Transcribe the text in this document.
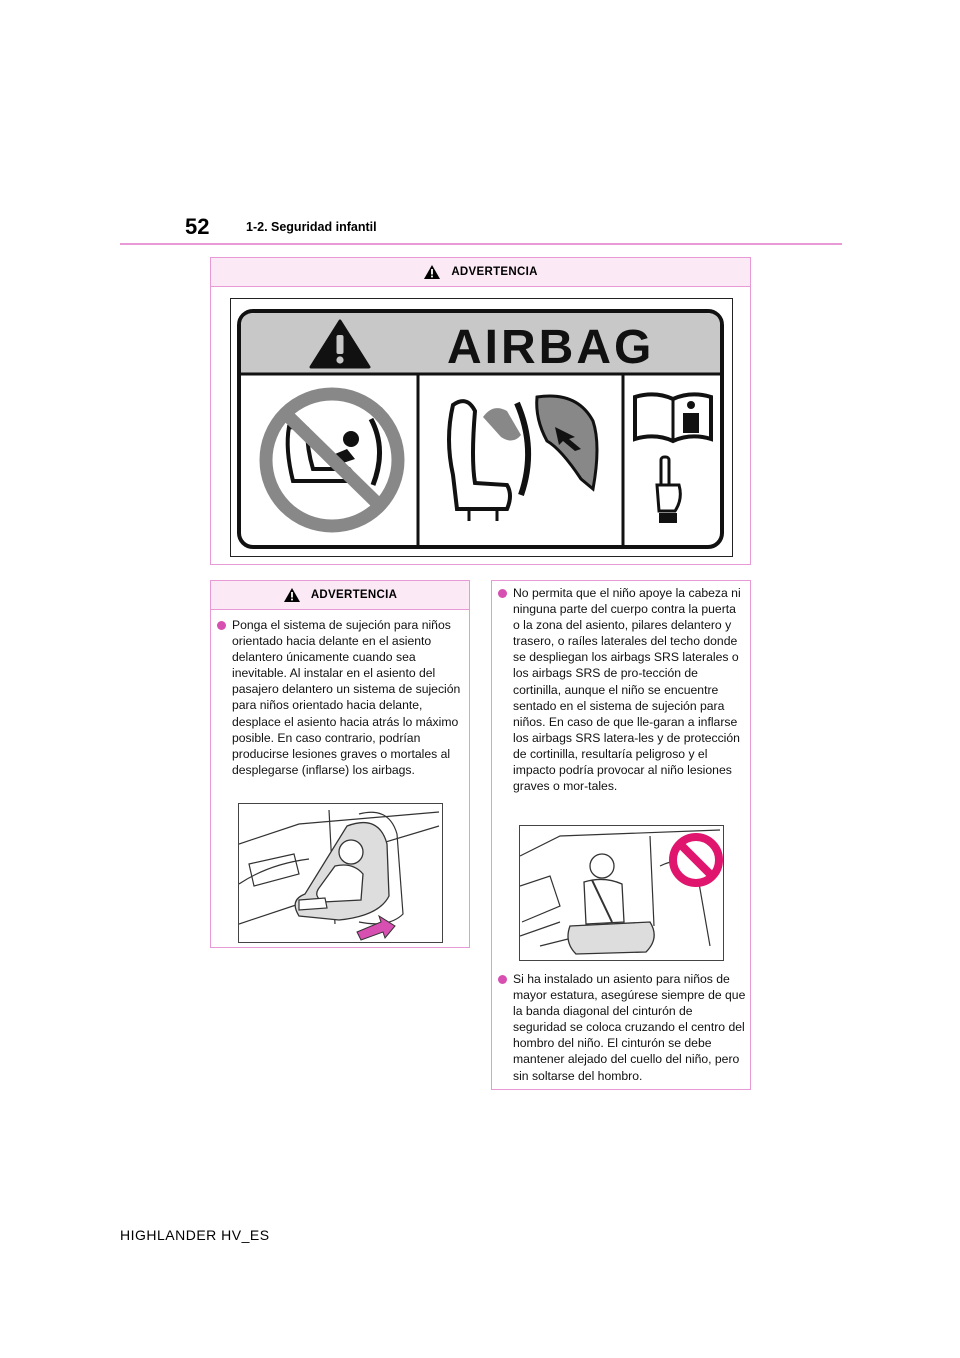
52	1-2. Seguridad infantil
ADVERTENCIA
AIRBAG
ADVERTENCIA
Ponga el sistema de sujeción para niños orientado hacia delante en el asiento delantero únicamente cuando sea inevitable. Al instalar en el asiento del pasajero delantero un sistema de sujeción para niños orientado hacia delante, desplace el asiento hacia atrás lo máximo posible. En caso contrario, podrían producirse lesiones graves o mortales al desplegarse (inflarse) los airbags.
No permita que el niño apoye la cabeza ni ninguna parte del cuerpo contra la puerta o la zona del asiento, pilares delantero y trasero, o raíles laterales del techo donde se despliegan los airbags SRS laterales o los airbags SRS de pro-tección de cortinilla, aunque el niño se encuentre sentado en el sistema de sujeción para niños. En caso de que lle-garan a inflarse los airbags SRS latera-les y de protección de cortinilla, resultaría peligroso y el impacto podría provocar al niño lesiones graves o mor-tales.
Si ha instalado un asiento para niños de mayor estatura, asegúrese siempre de que la banda diagonal del cinturón de seguridad se coloca cruzando el centro del hombro del niño. El cinturón se debe mantener alejado del cuello del niño, pero sin soltarse del hombro.
HIGHLANDER HV_ES
